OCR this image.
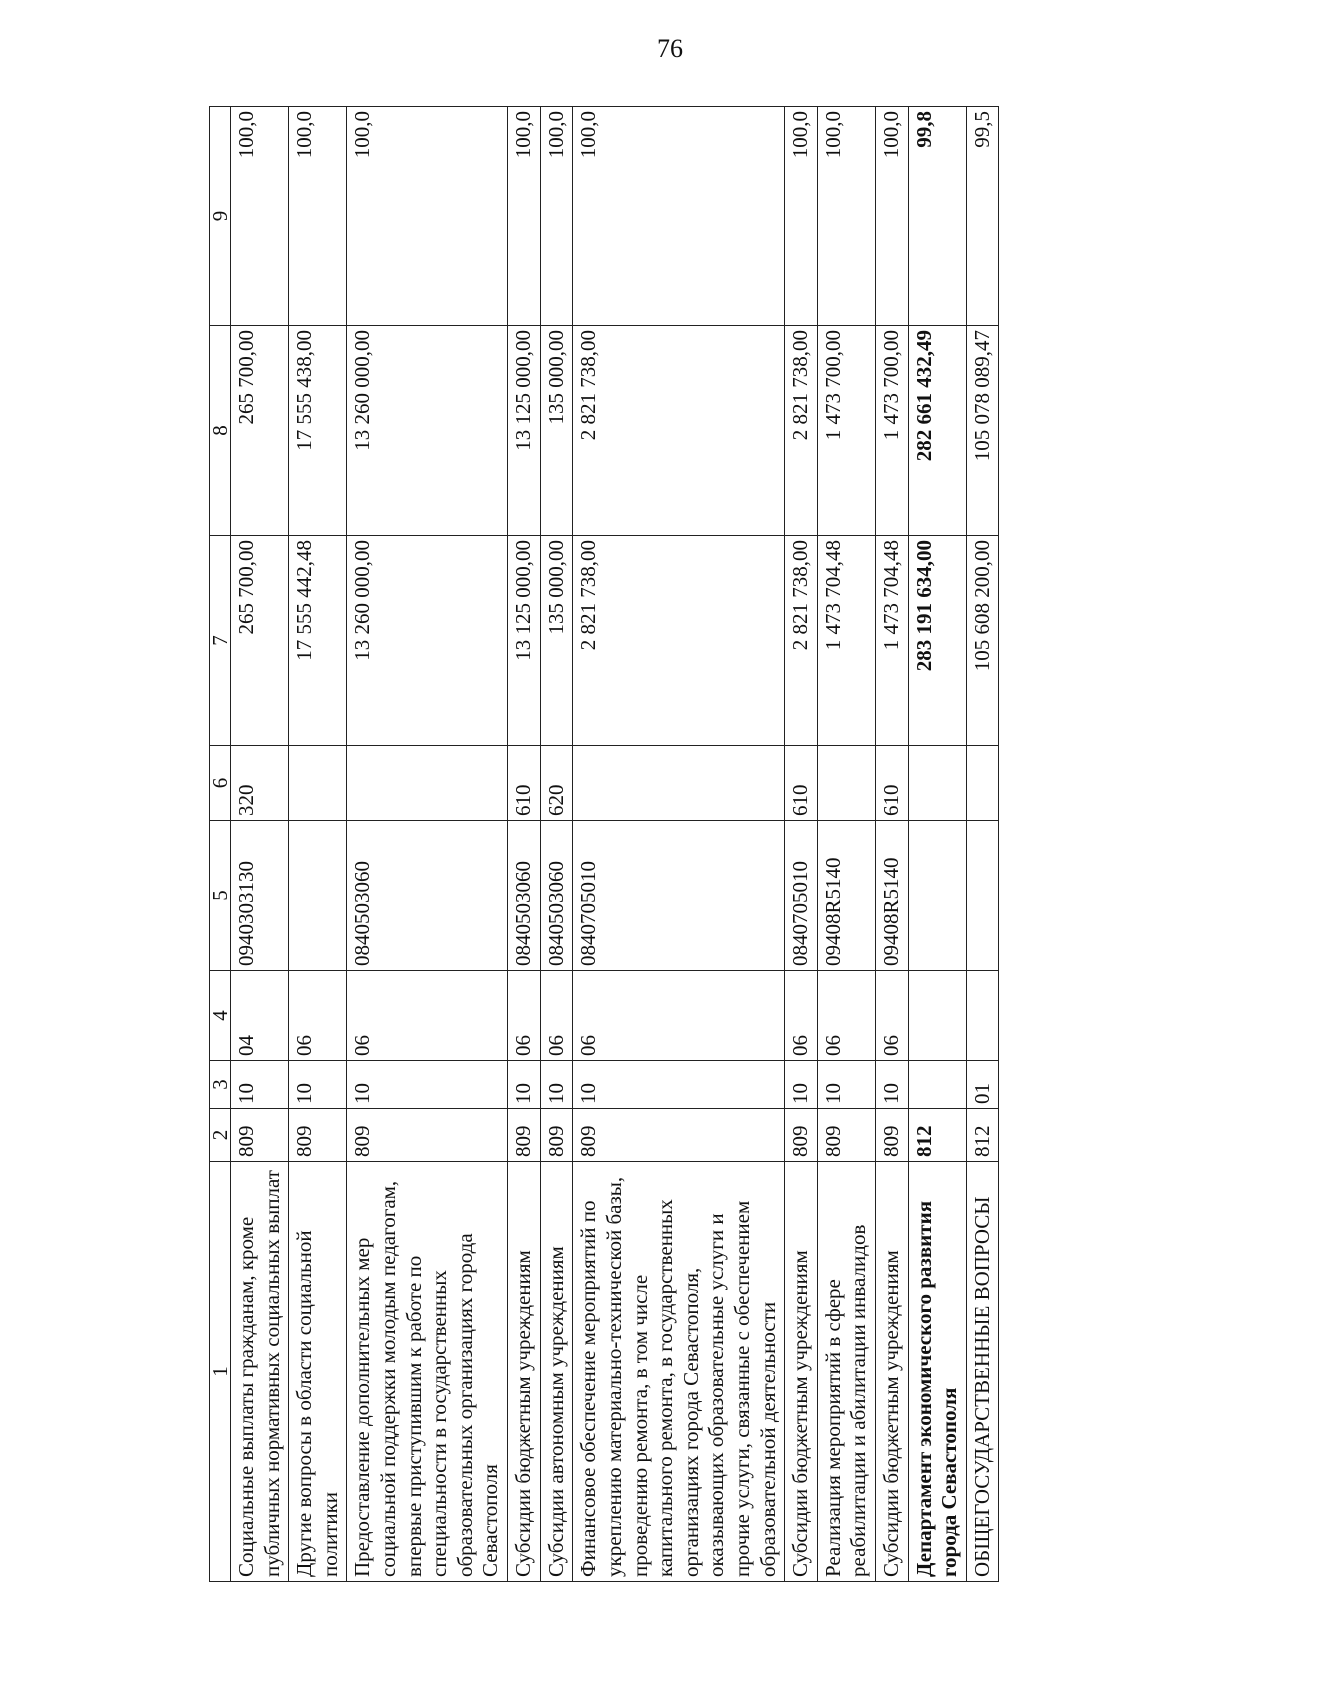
76
1	2	3	4	5	6	7	8	9
Социальные выплаты гражданам, кроме публичных нормативных социальных выплат	809	10	04	0940303130	320	265 700,00	265 700,00	100,0
Другие вопросы в области социальной политики	809	10	06			17 555 442,48	17 555 438,00	100,0
Предоставление дополнительных мер социальной поддержки молодым педагогам, впервые приступившим к работе по специальности в государственных образовательных организациях города Севастополя	809	10	06	0840503060		13 260 000,00	13 260 000,00	100,0
Субсидии бюджетным учреждениям	809	10	06	0840503060	610	13 125 000,00	13 125 000,00	100,0
Субсидии автономным учреждениям	809	10	06	0840503060	620	135 000,00	135 000,00	100,0
Финансовое обеспечение мероприятий по укреплению материально-технической базы, проведению ремонта, в том числе капитального ремонта, в государственных организациях города Севастополя, оказывающих образовательные услуги и прочие услуги, связанные с обеспечением образовательной деятельности	809	10	06	0840705010		2 821 738,00	2 821 738,00	100,0
Субсидии бюджетным учреждениям	809	10	06	0840705010	610	2 821 738,00	2 821 738,00	100,0
Реализация мероприятий в сфере реабилитации и абилитации инвалидов	809	10	06	09408R5140		1 473 704,48	1 473 700,00	100,0
Субсидии бюджетным учреждениям	809	10	06	09408R5140	610	1 473 704,48	1 473 700,00	100,0
Департамент экономического развития города Севастополя	812					283 191 634,00	282 661 432,49	99,8
ОБЩЕГОСУДАРСТВЕННЫЕ ВОПРОСЫ	812	01				105 608 200,00	105 078 089,47	99,5
